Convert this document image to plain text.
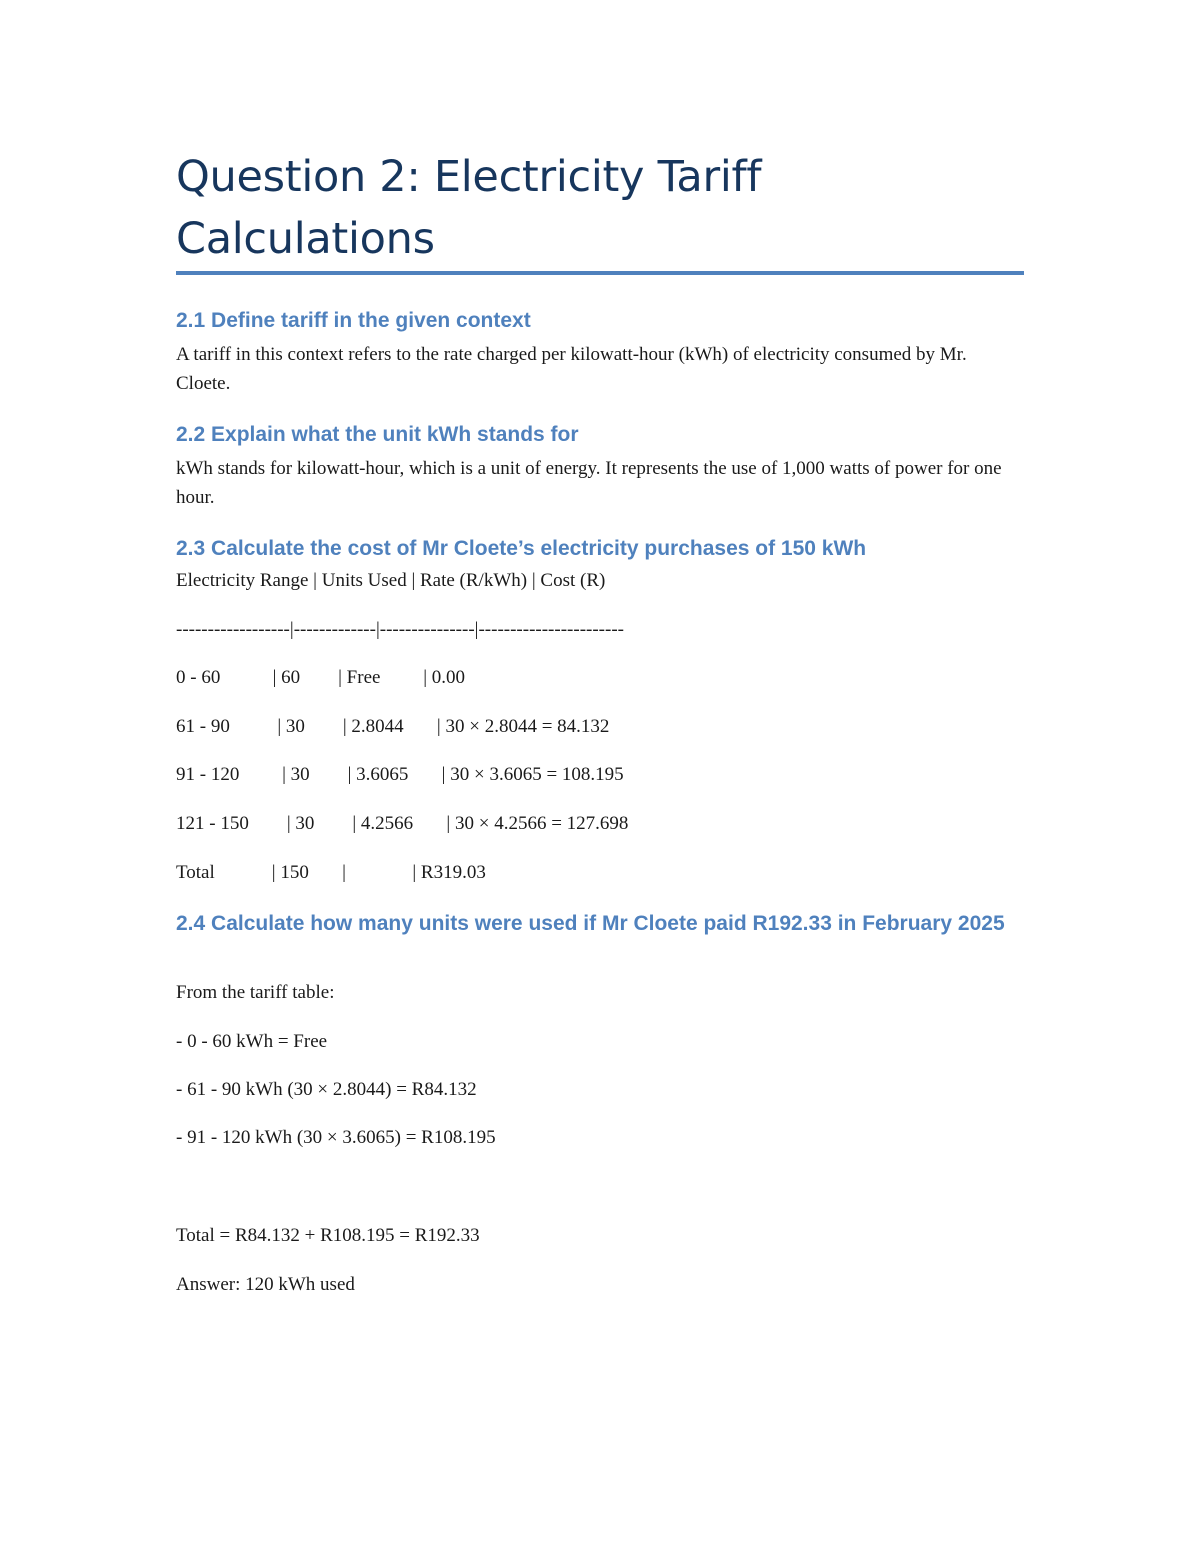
Question 2: Electricity Tariff Calculations
2.1 Define tariff in the given context

A tariff in this context refers to the rate charged per kilowatt-hour (kWh) of electricity consumed by Mr. Cloete.

2.2 Explain what the unit kWh stands for

kWh stands for kilowatt-hour, which is a unit of energy. It represents the use of 1,000 watts of power for one hour.

2.3 Calculate the cost of Mr Cloete’s electricity purchases of 150 kWh

Electricity Range | Units Used | Rate (R/kWh) | Cost (R)

------------------|-------------|---------------|-----------------------

0 - 60           | 60        | Free         | 0.00

61 - 90          | 30        | 2.8044       | 30 × 2.8044 = 84.132

91 - 120         | 30        | 3.6065       | 30 × 3.6065 = 108.195

121 - 150        | 30        | 4.2566       | 30 × 4.2566 = 127.698

Total            | 150       |              | R319.03

2.4 Calculate how many units were used if Mr Cloete paid R192.33 in February 2025

From the tariff table:

- 0 - 60 kWh = Free

- 61 - 90 kWh (30 × 2.8044) = R84.132

- 91 - 120 kWh (30 × 3.6065) = R108.195

Total = R84.132 + R108.195 = R192.33

Answer: 120 kWh used
